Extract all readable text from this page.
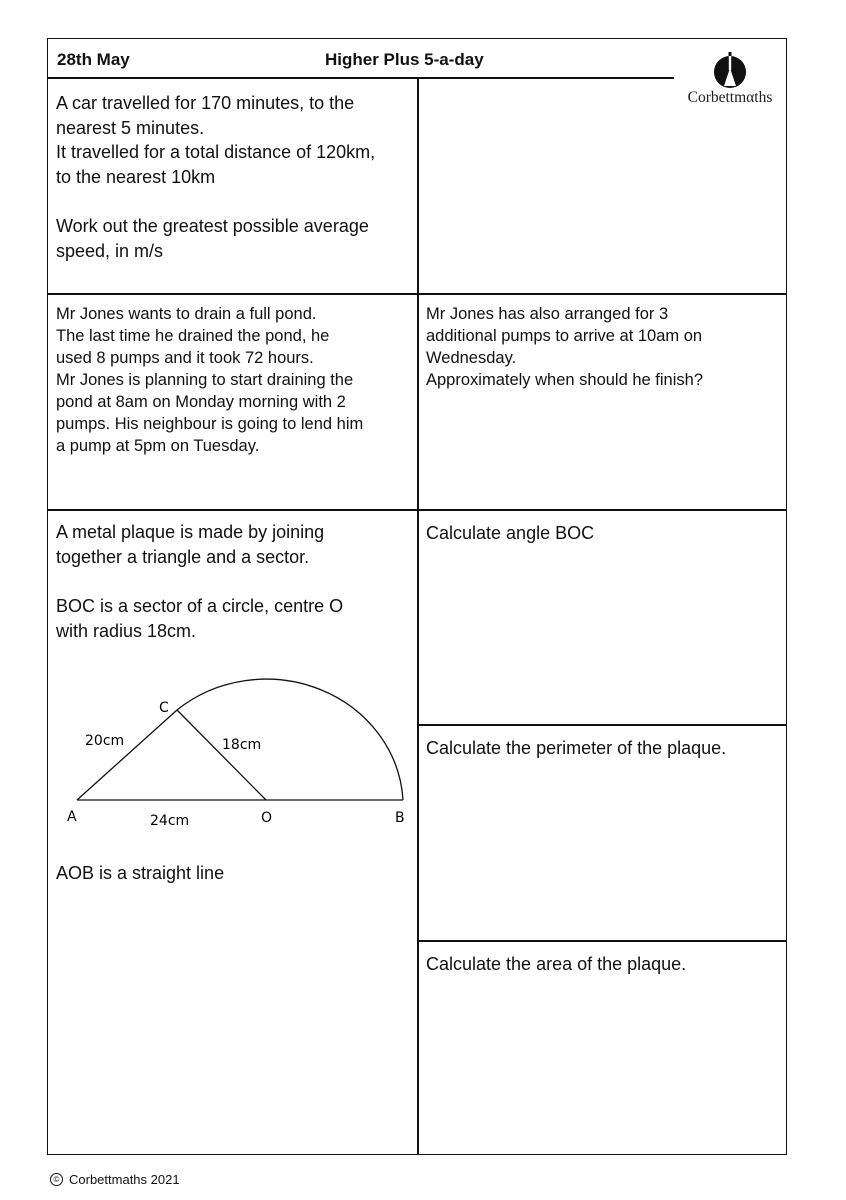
28th May	Higher Plus 5-a-day
Corbettmαths

A car travelled for 170 minutes, to the

nearest 5 minutes.

It travelled for a total distance of 120km,

to the nearest 10km

Work out the greatest possible average

speed, in m/s

Mr Jones wants to drain a full pond.

The last time he drained the pond, he

used 8 pumps and it took 72 hours.

Mr Jones is planning to start draining the

pond at 8am on Monday morning with 2

pumps. His neighbour is going to lend him

a pump at 5pm on Tuesday.

Mr Jones has also arranged for 3

additional pumps to arrive at 10am on

Wednesday.

Approximately when should he finish?

A metal plaque is made by joining

together a triangle and a sector.

BOC is a sector of a circle, centre O

with radius 18cm.

C
A	O	B
20cm	18cm
24cm
AOB is a straight line
Calculate angle BOC
Calculate the perimeter of the plaque.
Calculate the area of the plaque.
© Corbettmaths 2021
